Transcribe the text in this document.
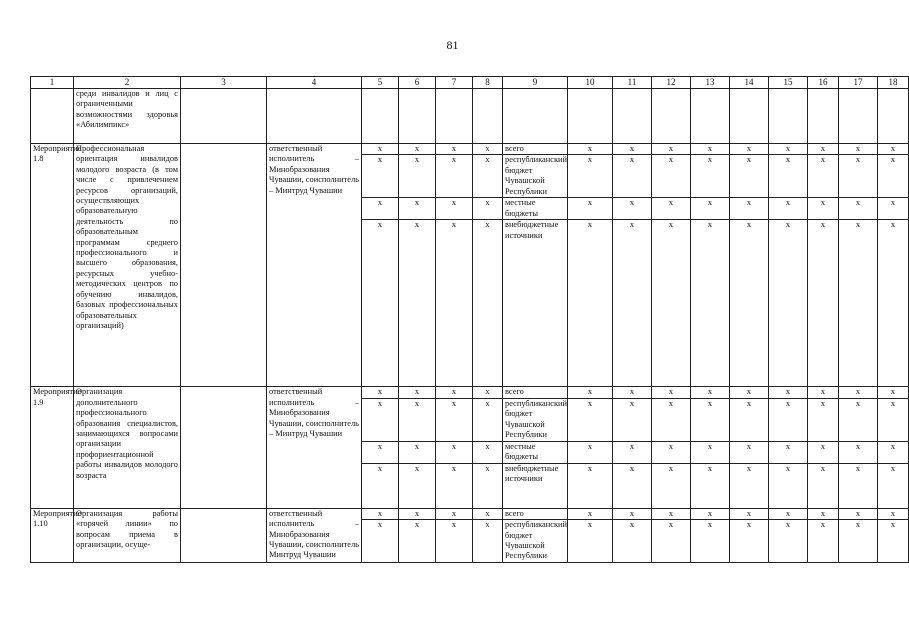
81
1	2	3	4	5	6	7	8	9	10	11	12	13	14	15	16	17	18
	среди инвалидов и лиц с ограниченными возможностями здоровья «Абилимпикс»																
Мероприятие 1.8	Профессиональная ориентация инвалидов молодого возраста (в том числе с привлечением ресурсов организаций, осуществляющих образовательную деятельность по образовательным программам среднего профессионального и высшего образования, ресурсных учебно-методических центров по обучению инвалидов, базовых профессиональных образовательных организаций)		ответственный исполнитель – Минобразования Чувашии, соисполнитель – Минтруд Чувашии	x	x	x	x	всего	x	x	x	x	x	x	x	x	x
				x	x	x	x	республиканский бюджет Чувашской Республики	x	x	x	x	x	x	x	x	x
				x	x	x	x	местные бюджеты	x	x	x	x	x	x	x	x	x
				x	x	x	x	внебюджетные источники	x	x	x	x	x	x	x	x	x
Мероприятие 1.9	Организация дополнительного профессионального образования специалистов, занимающихся вопросами организации профориентационной работы инвалидов молодого возраста		ответственный исполнитель – Минобразования Чувашии, соисполнитель – Минтруд Чувашии	x	x	x	x	всего	x	x	x	x	x	x	x	x	x
				x	x	x	x	республиканский бюджет Чувашской Республики	x	x	x	x	x	x	x	x	x
				x	x	x	x	местные бюджеты	x	x	x	x	x	x	x	x	x
				x	x	x	x	внебюджетные источники	x	x	x	x	x	x	x	x	x
Мероприятие 1.10	Организация работы «горячей линии» по вопросам приема в организации, осуще-		ответственный исполнитель – Минобразования Чувашии, соисполнитель Минтруд Чувашии	x	x	x	x	всего	x	x	x	x	x	x	x	x	x
				x	x	x	x	республиканский бюджет Чувашской Республики	x	x	x	x	x	x	x	x	x
